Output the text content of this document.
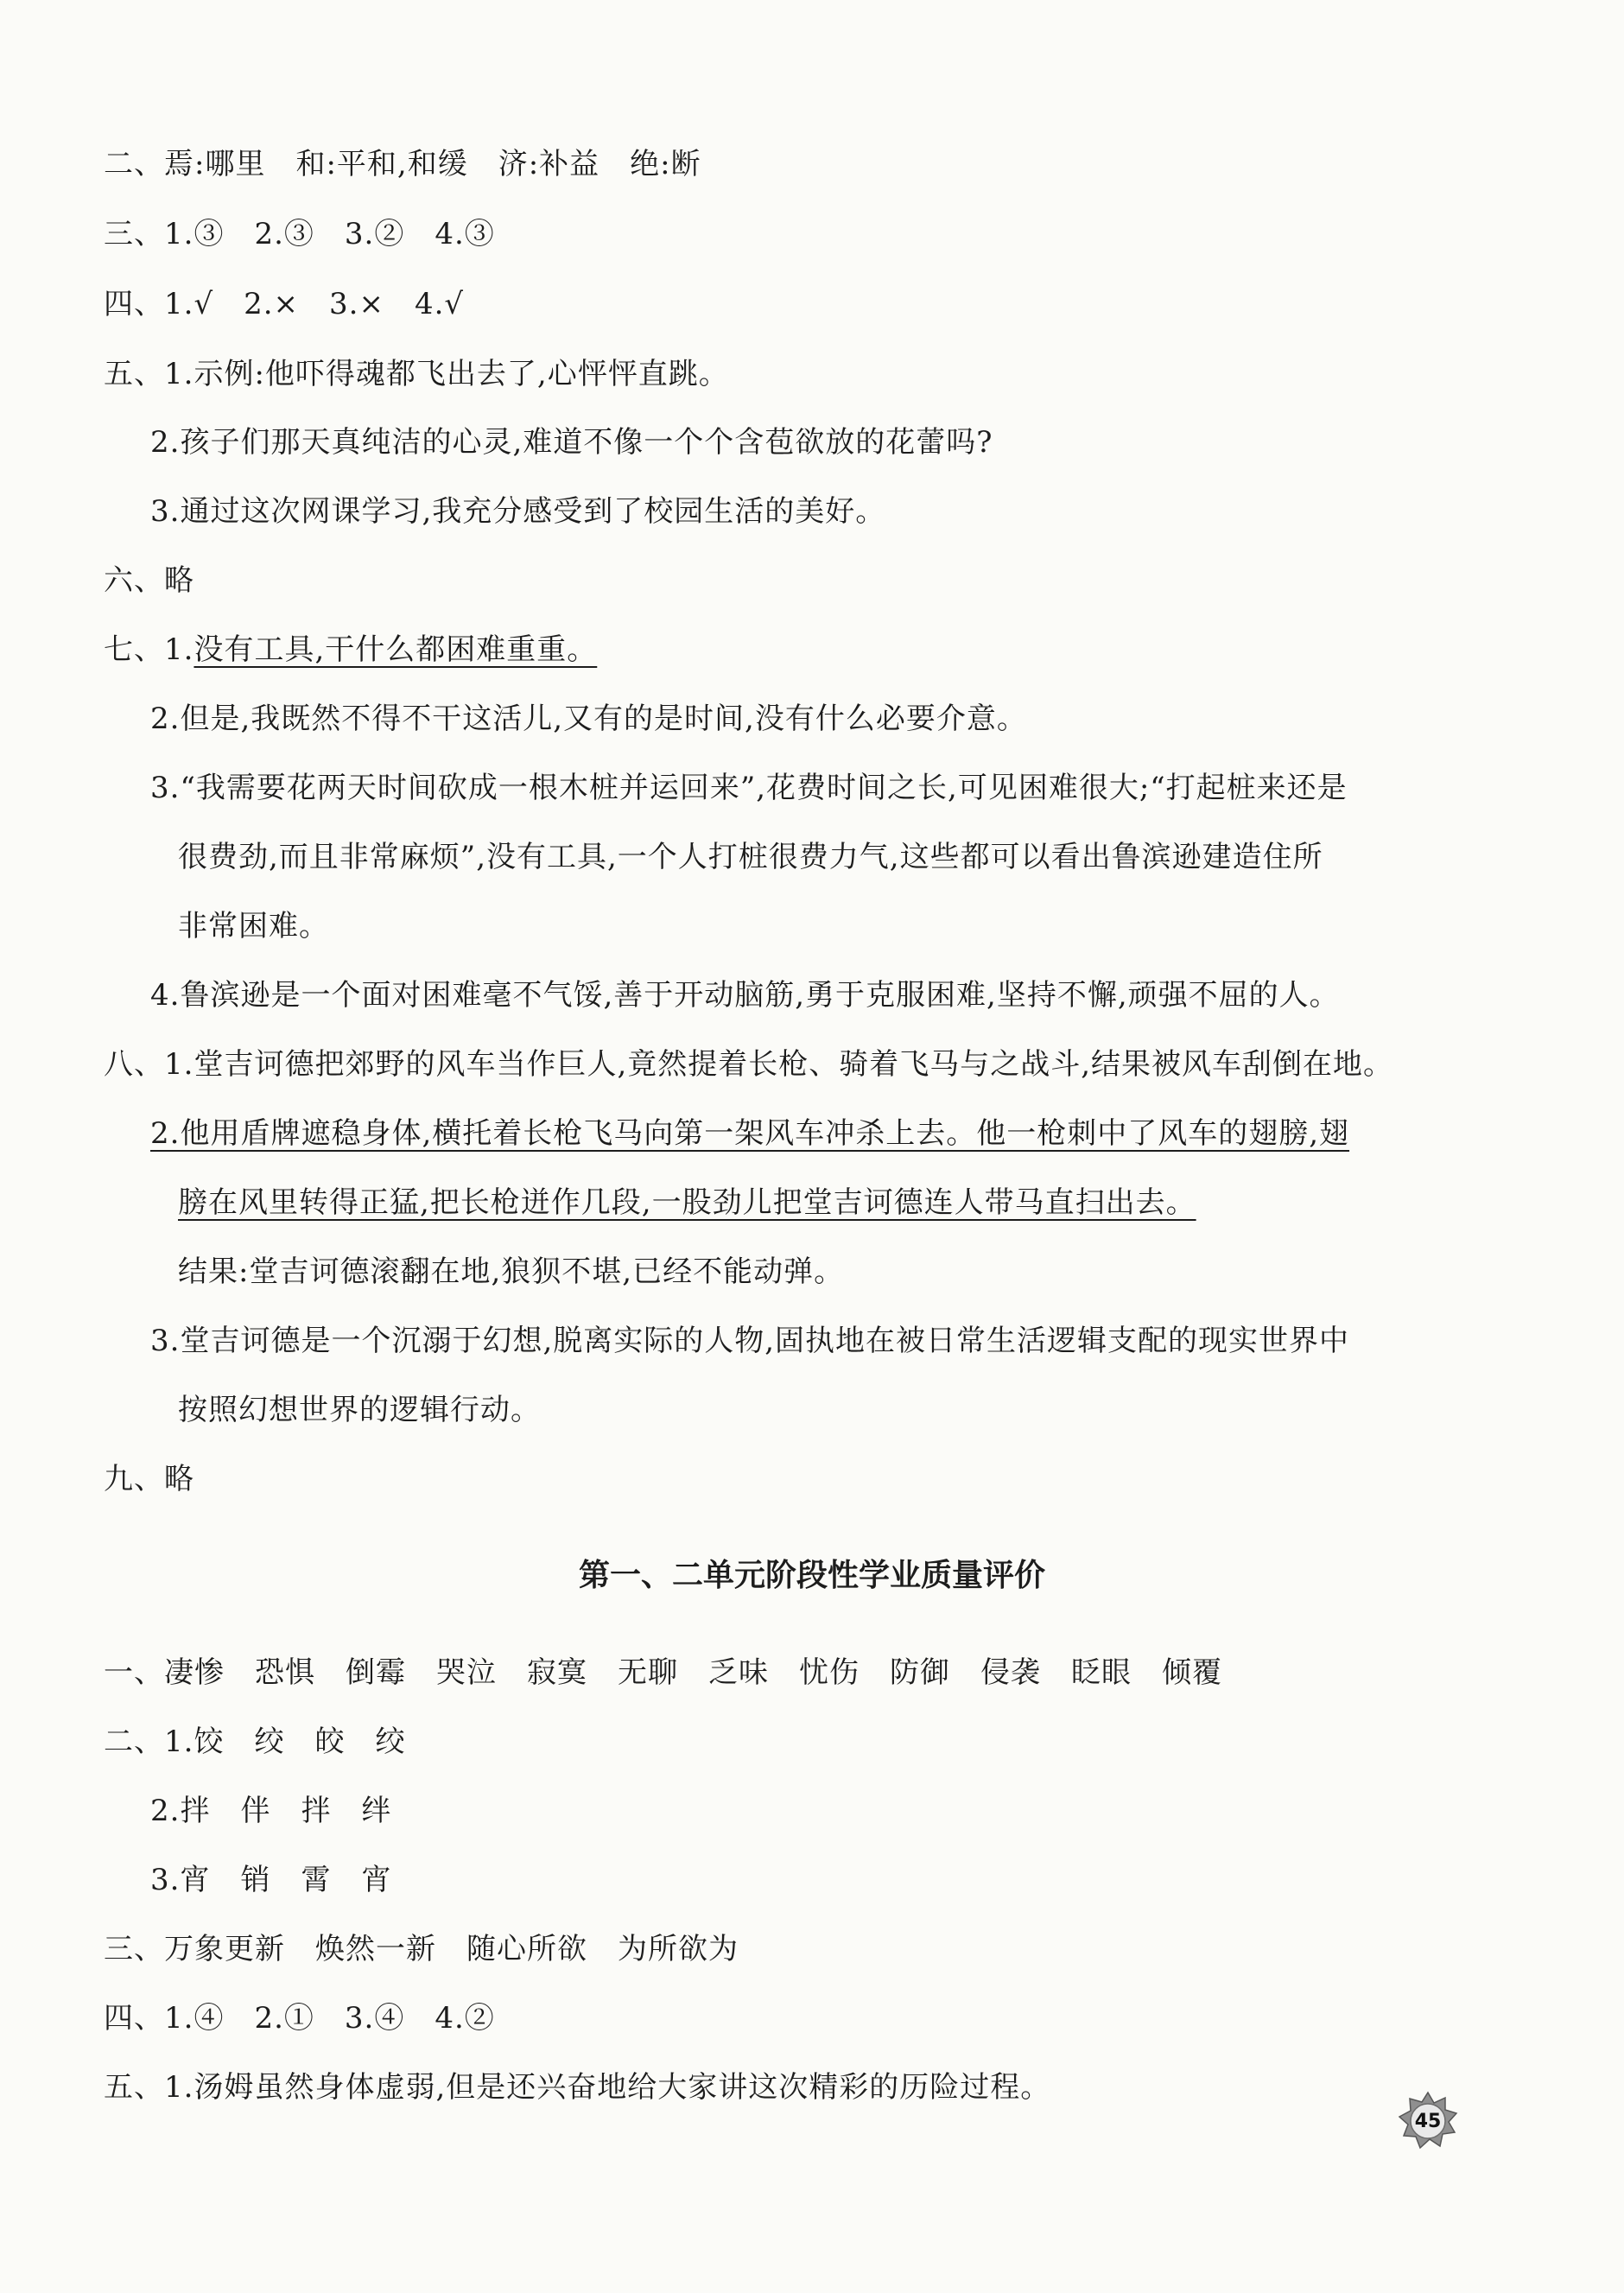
二、焉:哪里　和:平和,和缓　济:补益　绝:断
三、1.③　2.③　3.②　4.③
四、1.√　2.×　3.×　4.√
五、1.示例:他吓得魂都飞出去了,心怦怦直跳。
2.孩子们那天真纯洁的心灵,难道不像一个个含苞欲放的花蕾吗?
3.通过这次网课学习,我充分感受到了校园生活的美好。
六、略
七、1.没有工具,干什么都困难重重。
2.但是,我既然不得不干这活儿,又有的是时间,没有什么必要介意。
3.“我需要花两天时间砍成一根木桩并运回来”,花费时间之长,可见困难很大;“打起桩来还是
很费劲,而且非常麻烦”,没有工具,一个人打桩很费力气,这些都可以看出鲁滨逊建造住所
非常困难。
4.鲁滨逊是一个面对困难毫不气馁,善于开动脑筋,勇于克服困难,坚持不懈,顽强不屈的人。
八、1.堂吉诃德把郊野的风车当作巨人,竟然提着长枪、骑着飞马与之战斗,结果被风车刮倒在地。
2.他用盾牌遮稳身体,横托着长枪飞马向第一架风车冲杀上去。他一枪刺中了风车的翅膀,翅
膀在风里转得正猛,把长枪迸作几段,一股劲儿把堂吉诃德连人带马直扫出去。
结果:堂吉诃德滚翻在地,狼狈不堪,已经不能动弹。
3.堂吉诃德是一个沉溺于幻想,脱离实际的人物,固执地在被日常生活逻辑支配的现实世界中
按照幻想世界的逻辑行动。
九、略
第一、二单元阶段性学业质量评价
一、凄惨　恐惧　倒霉　哭泣　寂寞　无聊　乏味　忧伤　防御　侵袭　眨眼　倾覆
二、1.饺　绞　皎　绞
2.拌　伴　拌　绊
3.宵　销　霄　宵
三、万象更新　焕然一新　随心所欲　为所欲为
四、1.④　2.①　3.④　4.②
五、1.汤姆虽然身体虚弱,但是还兴奋地给大家讲这次精彩的历险过程。
45
